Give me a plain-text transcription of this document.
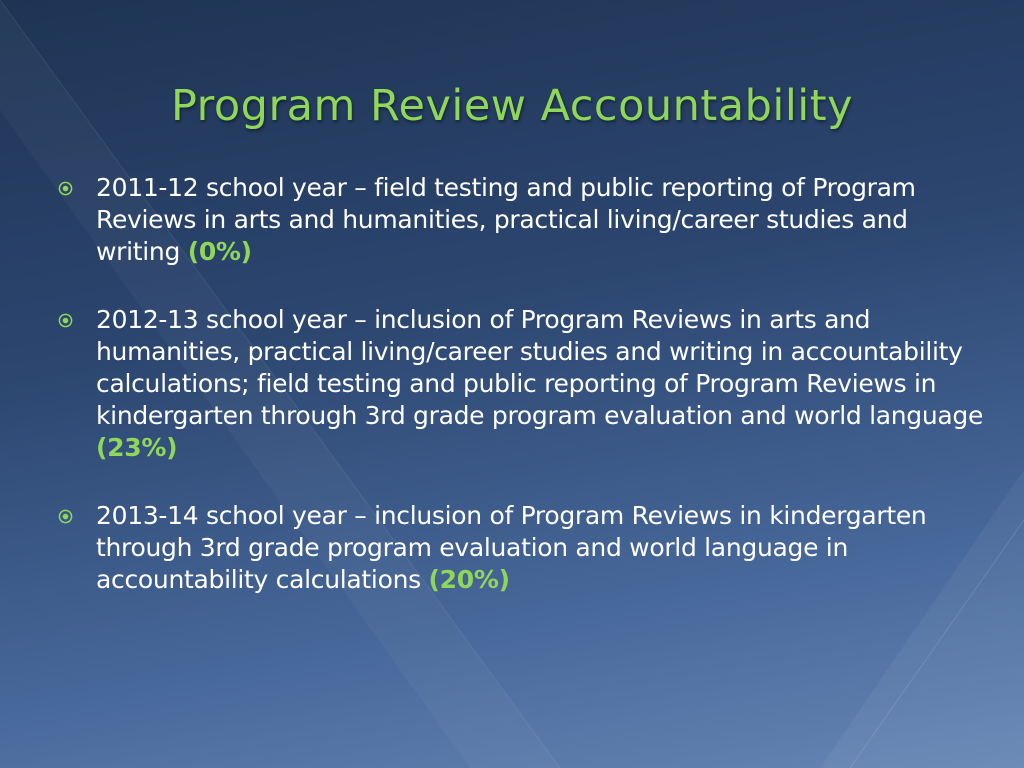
Program Review Accountability
2011-12 school year – field testing and public reporting of Program Reviews in arts and humanities, practical living/career studies and writing (0%)
2012-13 school year – inclusion of Program Reviews in arts and humanities, practical living/career studies and writing in accountability calculations; field testing and public reporting of Program Reviews in kindergarten through 3rd grade program evaluation and world language (23%)
2013-14 school year – inclusion of Program Reviews in kindergarten through 3rd grade program evaluation and world language in accountability calculations (20%)
